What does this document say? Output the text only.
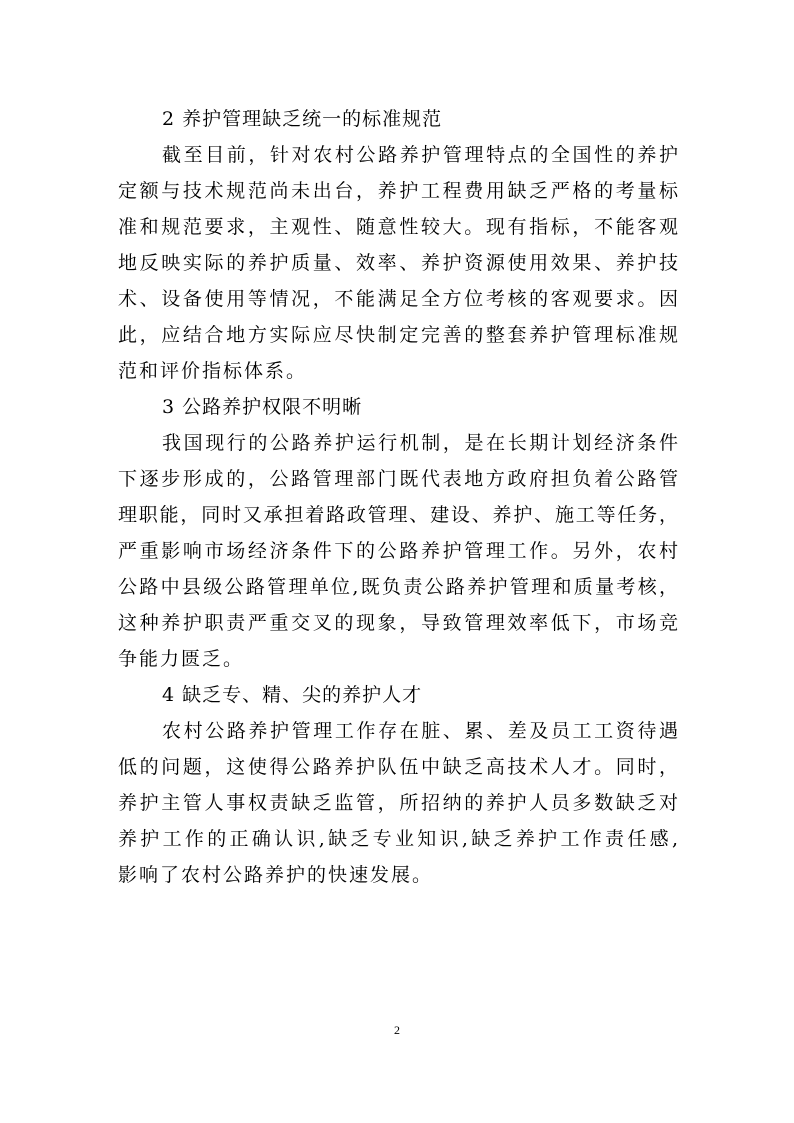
2 养护管理缺乏统一的标准规范
截至目前，针对农村公路养护管理特点的全国性的养护
定额与技术规范尚未出台，养护工程费用缺乏严格的考量标
准和规范要求，主观性、随意性较大。现有指标，不能客观
地反映实际的养护质量、效率、养护资源使用效果、养护技
术、设备使用等情况，不能满足全方位考核的客观要求。因
此，应结合地方实际应尽快制定完善的整套养护管理标准规
范和评价指标体系。
3 公路养护权限不明晰
我国现行的公路养护运行机制，是在长期计划经济条件
下逐步形成的，公路管理部门既代表地方政府担负着公路管
理职能，同时又承担着路政管理、建设、养护、施工等任务，
严重影响市场经济条件下的公路养护管理工作。另外，农村
公路中县级公路管理单位,既负责公路养护管理和质量考核，
这种养护职责严重交叉的现象，导致管理效率低下，市场竞
争能力匮乏。
4 缺乏专、精、尖的养护人才
农村公路养护管理工作存在脏、累、差及员工工资待遇
低的问题，这使得公路养护队伍中缺乏高技术人才。同时，
养护主管人事权责缺乏监管，所招纳的养护人员多数缺乏对
养护工作的正确认识,缺乏专业知识,缺乏养护工作责任感,
影响了农村公路养护的快速发展。
2
